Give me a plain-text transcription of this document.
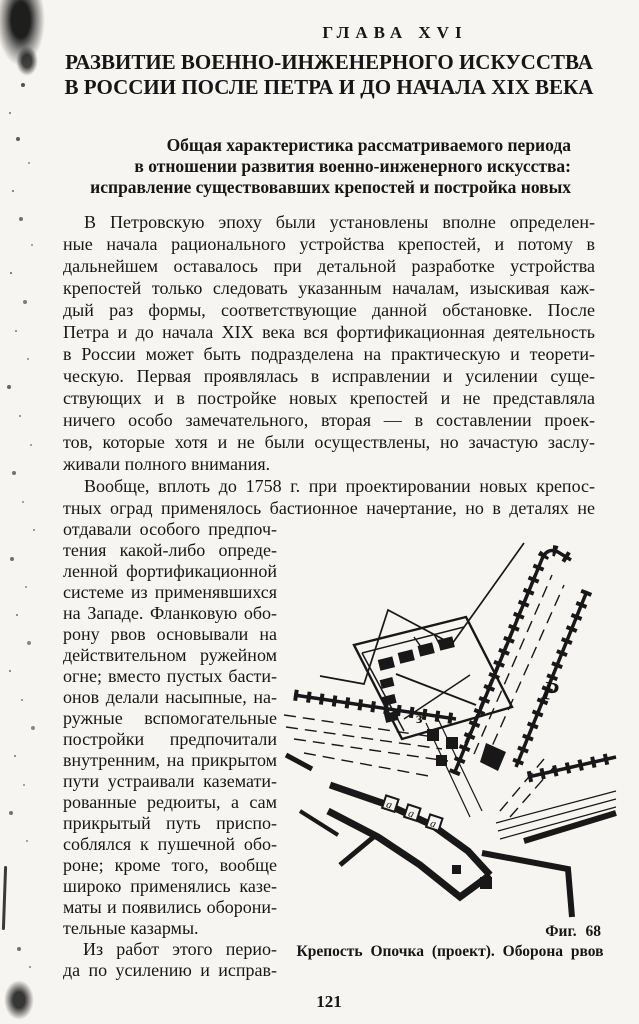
ГЛАВА XVI
РАЗВИТИЕ ВОЕННО-ИНЖЕНЕРНОГО ИСКУССТВА
В РОССИИ ПОСЛЕ ПЕТРА И ДО НАЧАЛА XIX ВЕКА
Общая характеристика рассматриваемого периода
в отношении развития военно-инженерного искусства:
исправление существовавших крепостей и постройка новых
В Петровскую эпоху были установлены вполне определен-
ные начала рационального устройства крепостей, и потому в
дальнейшем оставалось при детальной разработке устройства
крепостей только следовать указанным началам, изыскивая каж-
дый раз формы, соответствующие данной обстановке. После
Петра и до начала XIX века вся фортификационная деятельность
в России может быть подразделена на практическую и теорети-
ческую. Первая проявлялась в исправлении и усилении суще-
ствующих и в постройке новых крепостей и не представляла
ничего особо замечательного, вторая — в составлении проек-
тов, которые хотя и не были осуществлены, но зачастую заслу-
живали полного внимания.
Вообще, вплоть до 1758 г. при проектировании новых крепос-
тных оград применялось бастионное начертание, но в деталях не
отдавали особого предпоч-
тения какой-либо опреде-
ленной фортификационной
системе из применявшихся
на Западе. Фланковую обо-
рону рвов основывали на
действительном ружейном
огне; вместо пустых басти-
онов делали насыпные, на-
ружные вспомогательные
постройки предпочитали
внутренним, на прикрытом
пути устраивали каземати-
рованные редюиты, а сам
прикрытый путь приспо-
соблялся к пушечной обо-
роне; кроме того, вообще
широко применялись казе-
маты и появились оборони-
тельные казармы.
Из работ этого перио-
да по усилению и исправ-
а
а
а
Р
з
Фиг. 68
Крепость Опочка (проект). Оборона рвов
121
